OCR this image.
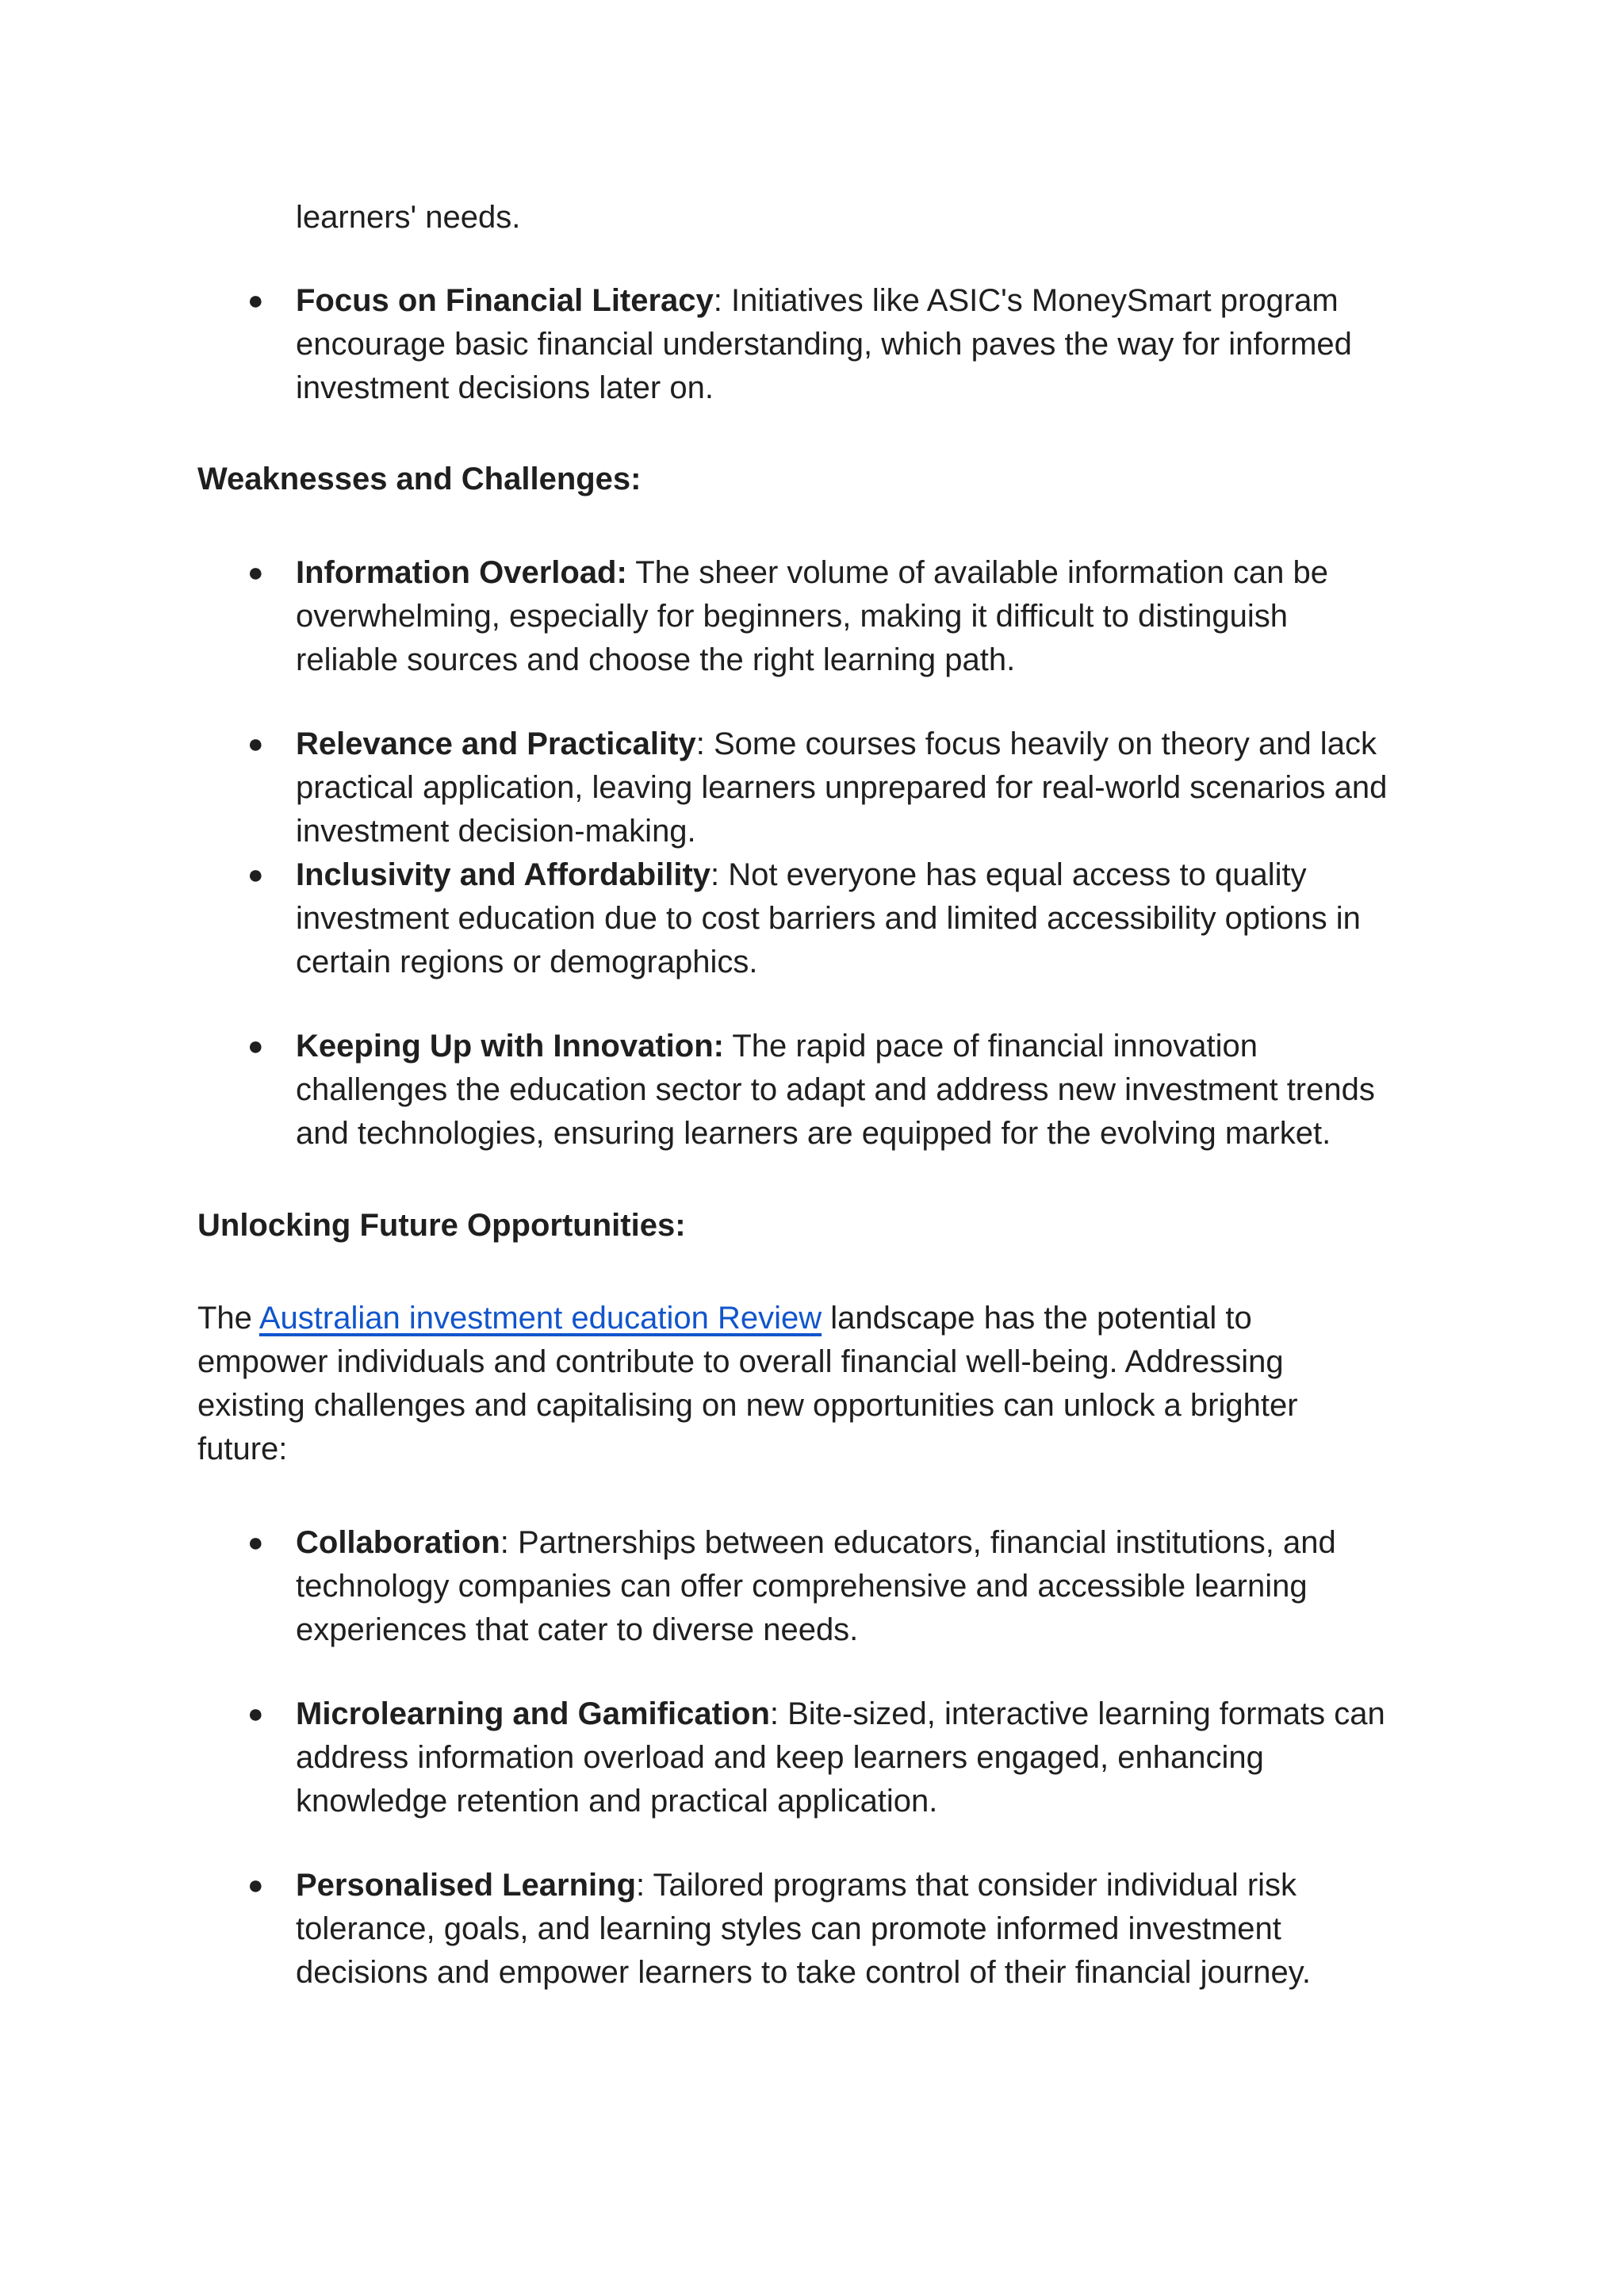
learners' needs.

● Focus on Financial Literacy: Initiatives like ASIC's MoneySmart program

encourage basic financial understanding, which paves the way for informed

investment decisions later on.

Weaknesses and Challenges:

● Information Overload: The sheer volume of available information can be

overwhelming, especially for beginners, making it difficult to distinguish

reliable sources and choose the right learning path.

● Relevance and Practicality: Some courses focus heavily on theory and lack

practical application, leaving learners unprepared for real-world scenarios and

investment decision-making.

● Inclusivity and Affordability: Not everyone has equal access to quality

investment education due to cost barriers and limited accessibility options in

certain regions or demographics.

● Keeping Up with Innovation: The rapid pace of financial innovation

challenges the education sector to adapt and address new investment trends

and technologies, ensuring learners are equipped for the evolving market.

Unlocking Future Opportunities:

The Australian investment education Review landscape has the potential to

empower individuals and contribute to overall financial well-being. Addressing

existing challenges and capitalising on new opportunities can unlock a brighter

future:

● Collaboration: Partnerships between educators, financial institutions, and

technology companies can offer comprehensive and accessible learning

experiences that cater to diverse needs.

● Microlearning and Gamification: Bite-sized, interactive learning formats can

address information overload and keep learners engaged, enhancing

knowledge retention and practical application.

● Personalised Learning: Tailored programs that consider individual risk

tolerance, goals, and learning styles can promote informed investment

decisions and empower learners to take control of their financial journey.
